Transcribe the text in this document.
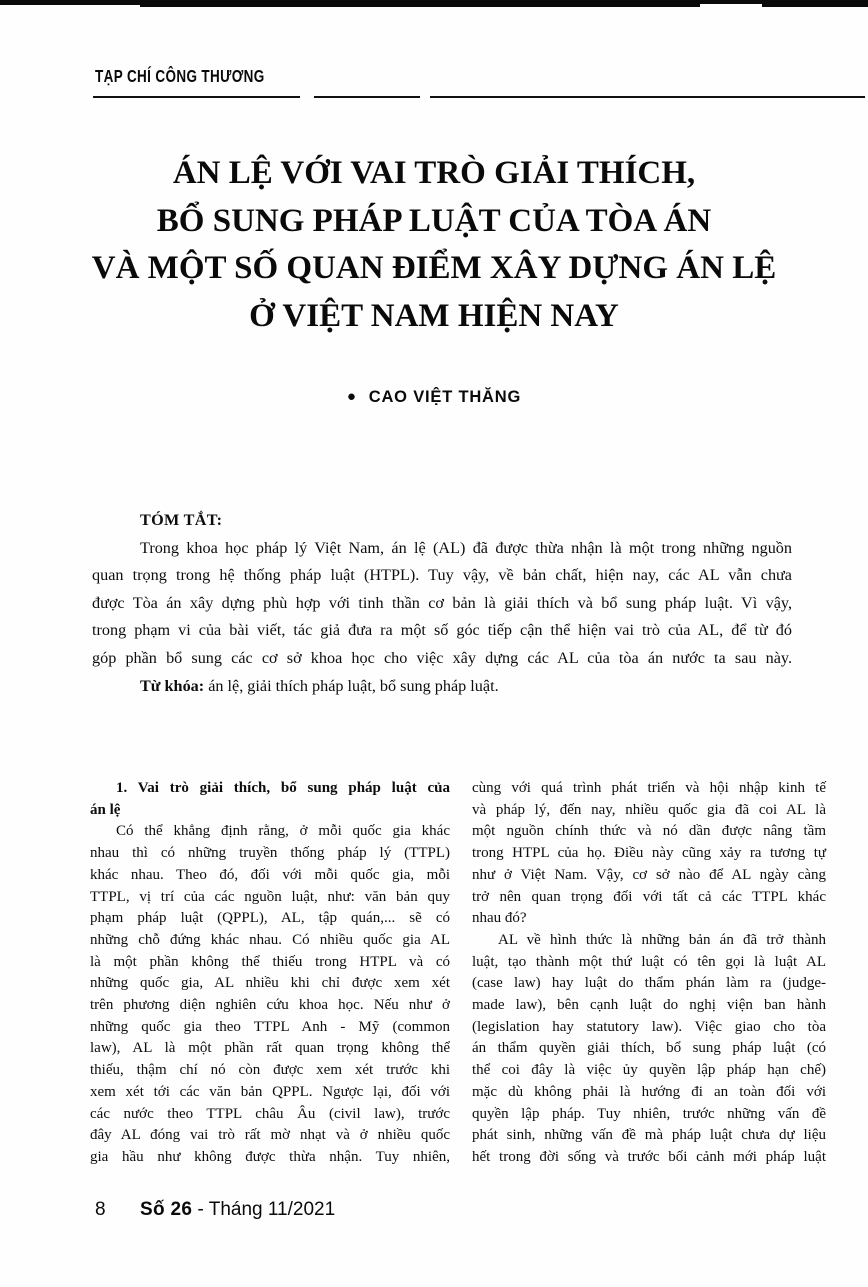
TẠP CHÍ CÔNG THƯƠNG
ÁN LỆ VỚI VAI TRÒ GIẢI THÍCH,
BỔ SUNG PHÁP LUẬT CỦA TÒA ÁN
VÀ MỘT SỐ QUAN ĐIỂM XÂY DỰNG ÁN LỆ
Ở VIỆT NAM HIỆN NAY
● CAO VIỆT THĂNG
TÓM TẮT:
Trong khoa học pháp lý Việt Nam, án lệ (AL) đã được thừa nhận là một trong những nguồn
quan trọng trong hệ thống pháp luật (HTPL). Tuy vậy, về bản chất, hiện nay, các AL vẫn chưa
được Tòa án xây dựng phù hợp với tinh thần cơ bản là giải thích và bổ sung pháp luật. Vì vậy,
trong phạm vi của bài viết, tác giả đưa ra một số góc tiếp cận thể hiện vai trò của AL, để từ đó
góp phần bổ sung các cơ sở khoa học cho việc xây dựng các AL của tòa án nước ta sau này.
Từ khóa: án lệ, giải thích pháp luật, bổ sung pháp luật.
1. Vai trò giải thích, bổ sung pháp luật của
án lệ
Có thể khẳng định rằng, ở mỗi quốc gia khác
nhau thì có những truyền thống pháp lý (TTPL)
khác nhau. Theo đó, đối với mỗi quốc gia, mỗi
TTPL, vị trí của các nguồn luật, như: văn bản quy
phạm pháp luật (QPPL), AL, tập quán,... sẽ có
những chỗ đứng khác nhau. Có nhiều quốc gia AL
là một phần không thể thiếu trong HTPL và có
những quốc gia, AL nhiều khi chỉ được xem xét
trên phương diện nghiên cứu khoa học. Nếu như ở
những quốc gia theo TTPL Anh - Mỹ (common
law), AL là một phần rất quan trọng không thể
thiếu, thậm chí nó còn được xem xét trước khi
xem xét tới các văn bản QPPL. Ngược lại, đối với
các nước theo TTPL châu Âu (civil law), trước
đây AL đóng vai trò rất mờ nhạt và ở nhiều quốc
gia hầu như không được thừa nhận. Tuy nhiên,
cùng với quá trình phát triển và hội nhập kinh tế
và pháp lý, đến nay, nhiều quốc gia đã coi AL là
một nguồn chính thức và nó dần được nâng tầm
trong HTPL của họ. Điều này cũng xảy ra tương tự
như ở Việt Nam. Vậy, cơ sở nào để AL ngày càng
trở nên quan trọng đối với tất cả các TTPL khác
nhau đó?
AL về hình thức là những bản án đã trở thành
luật, tạo thành một thứ luật có tên gọi là luật AL
(case law) hay luật do thẩm phán làm ra (judge-
made law), bên cạnh luật do nghị viện ban hành
(legislation hay statutory law). Việc giao cho tòa
án thẩm quyền giải thích, bổ sung pháp luật (có
thể coi đây là việc ủy quyền lập pháp hạn chế)
mặc dù không phải là hướng đi an toàn đối với
quyền lập pháp. Tuy nhiên, trước những vấn đề
phát sinh, những vấn đề mà pháp luật chưa dự liệu
hết trong đời sống và trước bối cảnh mới pháp luật
8 Số 26 - Tháng 11/2021
